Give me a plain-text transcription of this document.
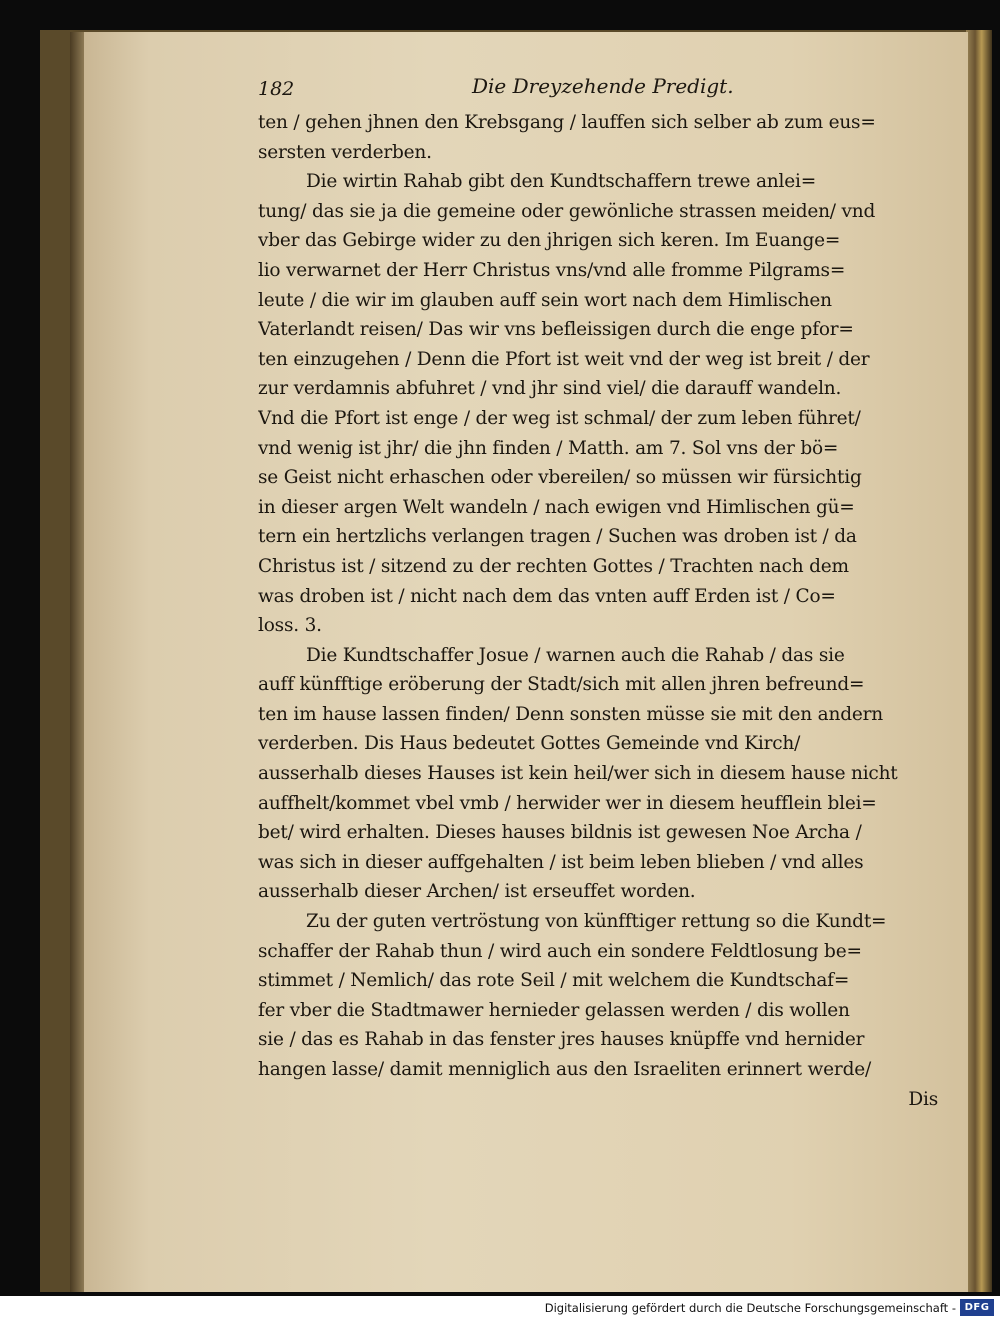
182	Die Dreyzehende Predigt.
ten / gehen jhnen den Krebsgang / lauffen sich selber ab zum eus=
sersten verderben.
Die wirtin Rahab gibt den Kundtschaffern trewe anlei=
tung/ das sie ja die gemeine oder gewönliche strassen meiden/ vnd
vber das Gebirge wider zu den jhrigen sich keren. Im Euange=
lio verwarnet der Herr Christus vns/vnd alle fromme Pilgrams=
leute / die wir im glauben auff sein wort nach dem Himlischen
Vaterlandt reisen/ Das wir vns befleissigen durch die enge pfor=
ten einzugehen / Denn die Pfort ist weit vnd der weg ist breit / der
zur verdamnis abfuhret / vnd jhr sind viel/ die darauff wandeln.
Vnd die Pfort ist enge / der weg ist schmal/ der zum leben führet/
vnd wenig ist jhr/ die jhn finden / Matth. am 7. Sol vns der bö=
se Geist nicht erhaschen oder vbereilen/ so müssen wir fürsichtig
in dieser argen Welt wandeln / nach ewigen vnd Himlischen gü=
tern ein hertzlichs verlangen tragen / Suchen was droben ist / da
Christus ist / sitzend zu der rechten Gottes / Trachten nach dem
was droben ist / nicht nach dem das vnten auff Erden ist / Co=
loss. 3.
Die Kundtschaffer Josue / warnen auch die Rahab / das sie
auff künfftige eröberung der Stadt/sich mit allen jhren befreund=
ten im hause lassen finden/ Denn sonsten müsse sie mit den andern
verderben. Dis Haus bedeutet Gottes Gemeinde vnd Kirch/
ausserhalb dieses Hauses ist kein heil/wer sich in diesem hause nicht
auffhelt/kommet vbel vmb / herwider wer in diesem heufflein blei=
bet/ wird erhalten. Dieses hauses bildnis ist gewesen Noe Archa /
was sich in dieser auffgehalten / ist beim leben blieben / vnd alles
ausserhalb dieser Archen/ ist erseuffet worden.
Zu der guten vertröstung von künfftiger rettung so die Kundt=
schaffer der Rahab thun / wird auch ein sondere Feldtlosung be=
stimmet / Nemlich/ das rote Seil / mit welchem die Kundtschaf=
fer vber die Stadtmawer hernieder gelassen werden / dis wollen
sie / das es Rahab in das fenster jres hauses knüpffe vnd hernider
hangen lasse/ damit menniglich aus den Israeliten erinnert werde/
Dis
Digitalisierung gefördert durch die Deutsche Forschungsgemeinschaft - DFG
